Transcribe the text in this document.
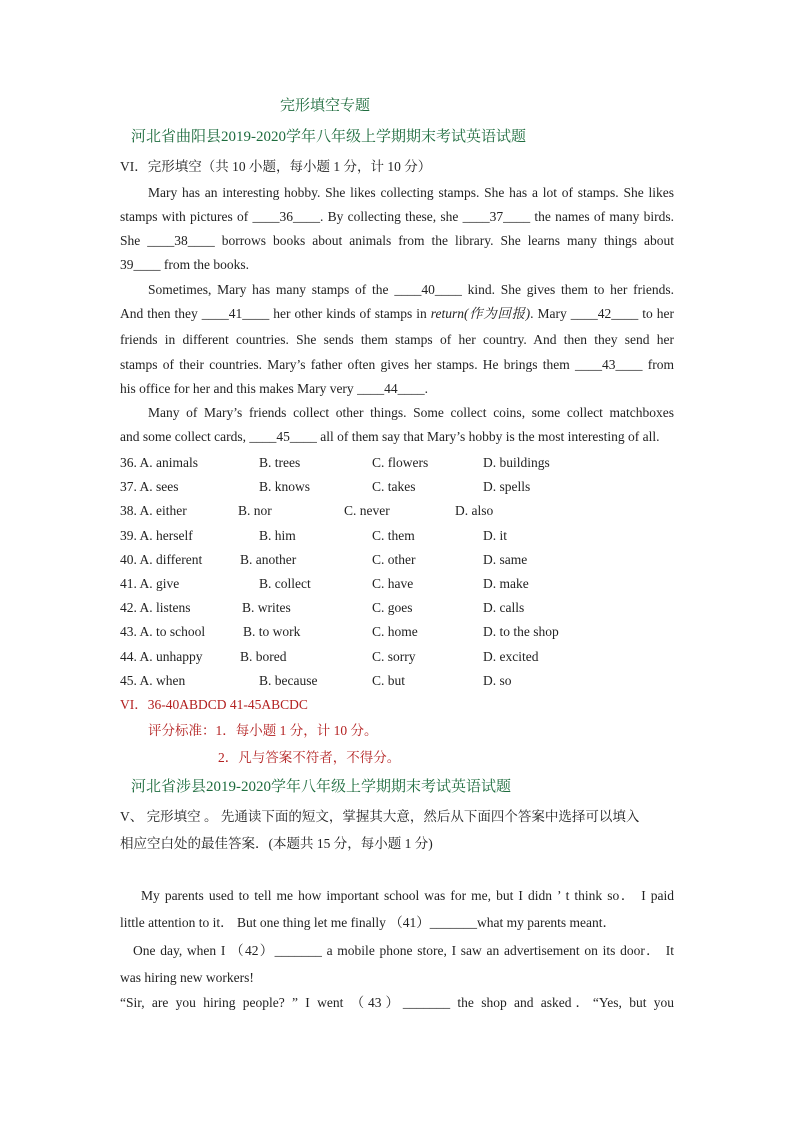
完形填空专题
河北省曲阳县2019-2020学年八年级上学期期末考试英语试题
VI．完形填空（共 10 小题，每小题 1 分，计 10 分）
Mary has an interesting hobby. She likes collecting stamps. She has a lot of stamps. She likes
stamps with pictures of ____36____. By collecting these, she ____37____ the names of many birds.
She ____38____ borrows books about animals from the library. She learns many things about
39____ from the books.
Sometimes, Mary has many stamps of the ____40____ kind. She gives them to her friends.
And then they ____41____ her other kinds of stamps in return(作为回报). Mary ____42____ to her
friends in different countries. She sends them stamps of her country. And then they send her
stamps of their countries. Mary’s father often gives her stamps. He brings them ____43____ from
his office for her and this makes Mary very ____44____.
Many of Mary’s friends collect other things. Some collect coins, some collect matchboxes
and some collect cards, ____45____ all of them say that Mary’s hobby is the most interesting of all.
36. A. animals	B. trees	C. flowers	D. buildings
37. A. sees	B. knows	C. takes	D. spells
38. A. either	B. nor	C. never	D. also
39. A. herself	B. him	C. them	D. it
40. A. different	B. another	C. other	D. same
41. A. give	B. collect	C. have	D. make
42. A. listens	B. writes	C. goes	D. calls
43. A. to school	B. to work	C. home	D. to the shop
44. A. unhappy	B. bored	C. sorry	D. excited
45. A. when	B. because	C. but	D. so
VI．36-40ABDCD 41-45ABCDC
评分标准：1．每小题 1 分，计 10 分。
2．凡与答案不符者，不得分。
河北省涉县2019-2020学年八年级上学期期末考试英语试题
V、 完形填空 。 先通读下面的短文，掌握其大意，然后从下面四个答案中选择可以填入
相应空白处的最佳答案．(本题共 15 分，每小题 1 分)
My parents used to tell me how important school was for me, but I didn ’ t think so． I paid
little attention to it． But one thing let me finally （41）_______what my parents meant．
One day, when I （42）_______ a mobile phone store, I saw an advertisement on its door． It
was hiring new workers!
“Sir, are you hiring people? ” I went （43）_______ the shop and asked．“Yes, but you
